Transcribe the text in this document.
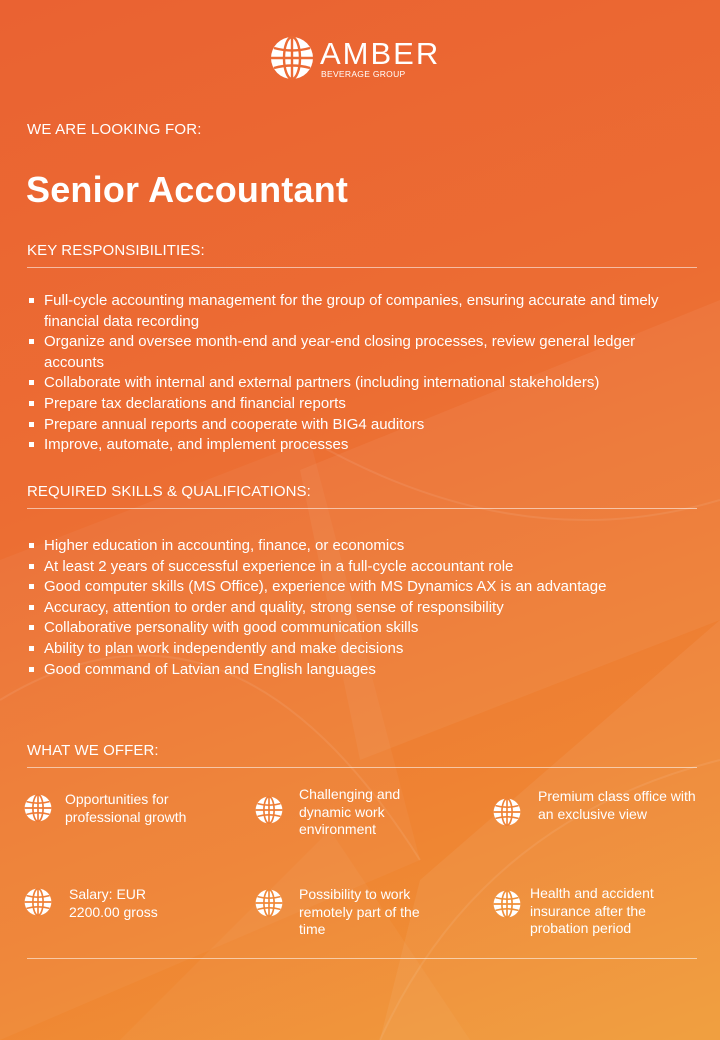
AMBER
BEVERAGE GROUP
WE ARE LOOKING FOR:
Senior Accountant
KEY RESPONSIBILITIES:
Full-cycle accounting management for the group of companies, ensuring accurate and timely financial data recording
Organize and oversee month-end and year-end closing processes, review general ledger accounts
Collaborate with internal and external partners (including international stakeholders)
Prepare tax declarations and financial reports
Prepare annual reports and cooperate with BIG4 auditors
Improve, automate, and implement processes
REQUIRED SKILLS & QUALIFICATIONS:
Higher education in accounting, finance, or economics
At least 2 years of successful experience in a full-cycle accountant role
Good computer skills (MS Office), experience with MS Dynamics AX is an advantage
Accuracy, attention to order and quality, strong sense of responsibility
Collaborative personality with good communication skills
Ability to plan work independently and make decisions
Good command of Latvian and English languages
WHAT WE OFFER:
Opportunities for professional growth
Challenging and dynamic work environment
Premium class office with an exclusive view
Salary: EUR 2200.00 gross
Possibility to work remotely part of the time
Health and accident insurance after the probation period
